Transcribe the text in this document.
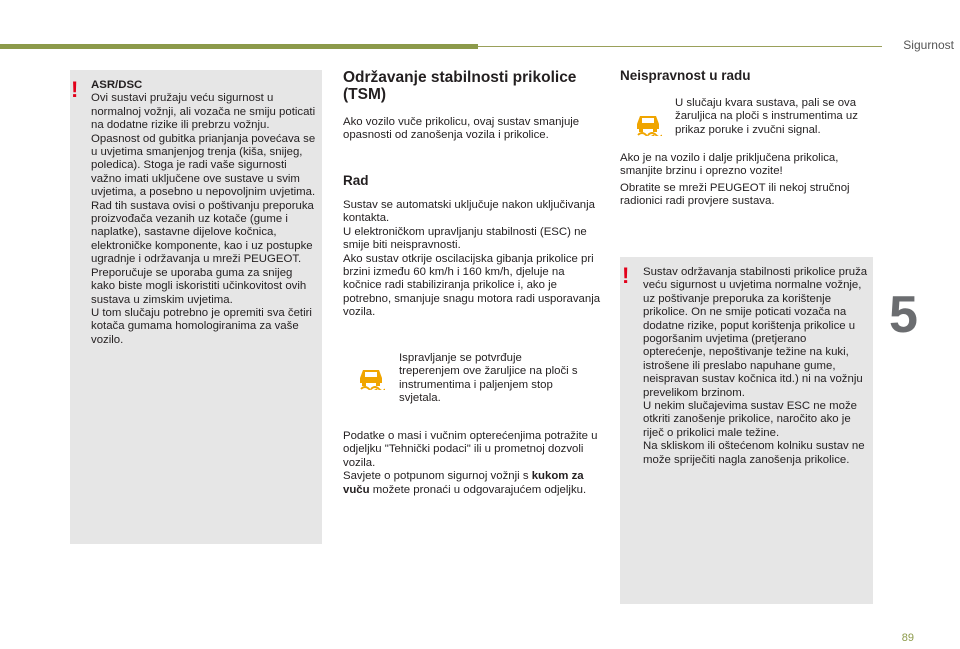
Sigurnost
5
89
! ASR/DSC

Ovi sustavi pružaju veću sigurnost u normalnoj vožnji, ali vozača ne smiju poticati na dodatne rizike ili prebrzu vožnju.

Opasnost od gubitka prianjanja povećava se u uvjetima smanjenjog trenja (kiša, snijeg, poledica). Stoga je radi vaše sigurnosti važno imati uključene ove sustave u svim uvjetima, a posebno u nepovoljnim uvjetima.

Rad tih sustava ovisi o poštivanju preporuka proizvođača vezanih uz kotače (gume i naplatke), sastavne dijelove kočnica, elektroničke komponente, kao i uz postupke ugradnje i održavanja u mreži PEUGEOT.

Preporučuje se uporaba guma za snijeg kako biste mogli iskoristiti učinkovitost ovih sustava u zimskim uvjetima.

U tom slučaju potrebno je opremiti sva četiri kotača gumama homologiranima za vaše vozilo.

Održavanje stabilnosti prikolice (TSM)
Ako vozilo vuče prikolicu, ovaj sustav smanjuje opasnosti od zanošenja vozila i prikolice.
Rad

Sustav se automatski uključuje nakon uključivanja kontakta.

U elektroničkom upravljanju stabilnosti (ESC) ne smije biti neispravnosti.

Ako sustav otkrije oscilacijska gibanja prikolice pri brzini između 60 km/h i 160 km/h, djeluje na kočnice radi stabiliziranja prikolice i, ako je potrebno, smanjuje snagu motora radi usporavanja vozila.

Ispravljanje se potvrđuje treperenjem ove žaruljice na ploči s instrumentima i paljenjem stop svjetala.

Podatke o masi i vučnim opterećenjima potražite u odjeljku "Tehnički podaci" ili u prometnoj dozvoli vozila.

Savjete o potpunom sigurnoj vožnji s kukom za vuču možete pronaći u odgovarajućem odjeljku.

Neispravnost u radu
U slučaju kvara sustava, pali se ova žaruljica na ploči s instrumentima uz prikaz poruke i zvučni signal.
Ako je na vozilo i dalje priključena prikolica, smanjite brzinu i oprezno vozite!
Obratite se mreži PEUGEOT ili nekoj stručnoj radionici radi provjere sustava.
! Sustav održavanja stabilnosti prikolice pruža veću sigurnost u uvjetima normalne vožnje, uz poštivanje preporuka za korištenje prikolice. On ne smije poticati vozača na dodatne rizike, poput korištenja prikolice u pogoršanim uvjetima (pretjerano opterećenje, nepoštivanje težine na kuki, istrošene ili preslabo napuhane gume, neispravan sustav kočnica itd.) ni na vožnju prevelikom brzinom.

U nekim slučajevima sustav ESC ne može otkriti zanošenje prikolice, naročito ako je riječ o prikolici male težine.

Na skliskom ili oštećenom kolniku sustav ne može spriječiti nagla zanošenja prikolice.
